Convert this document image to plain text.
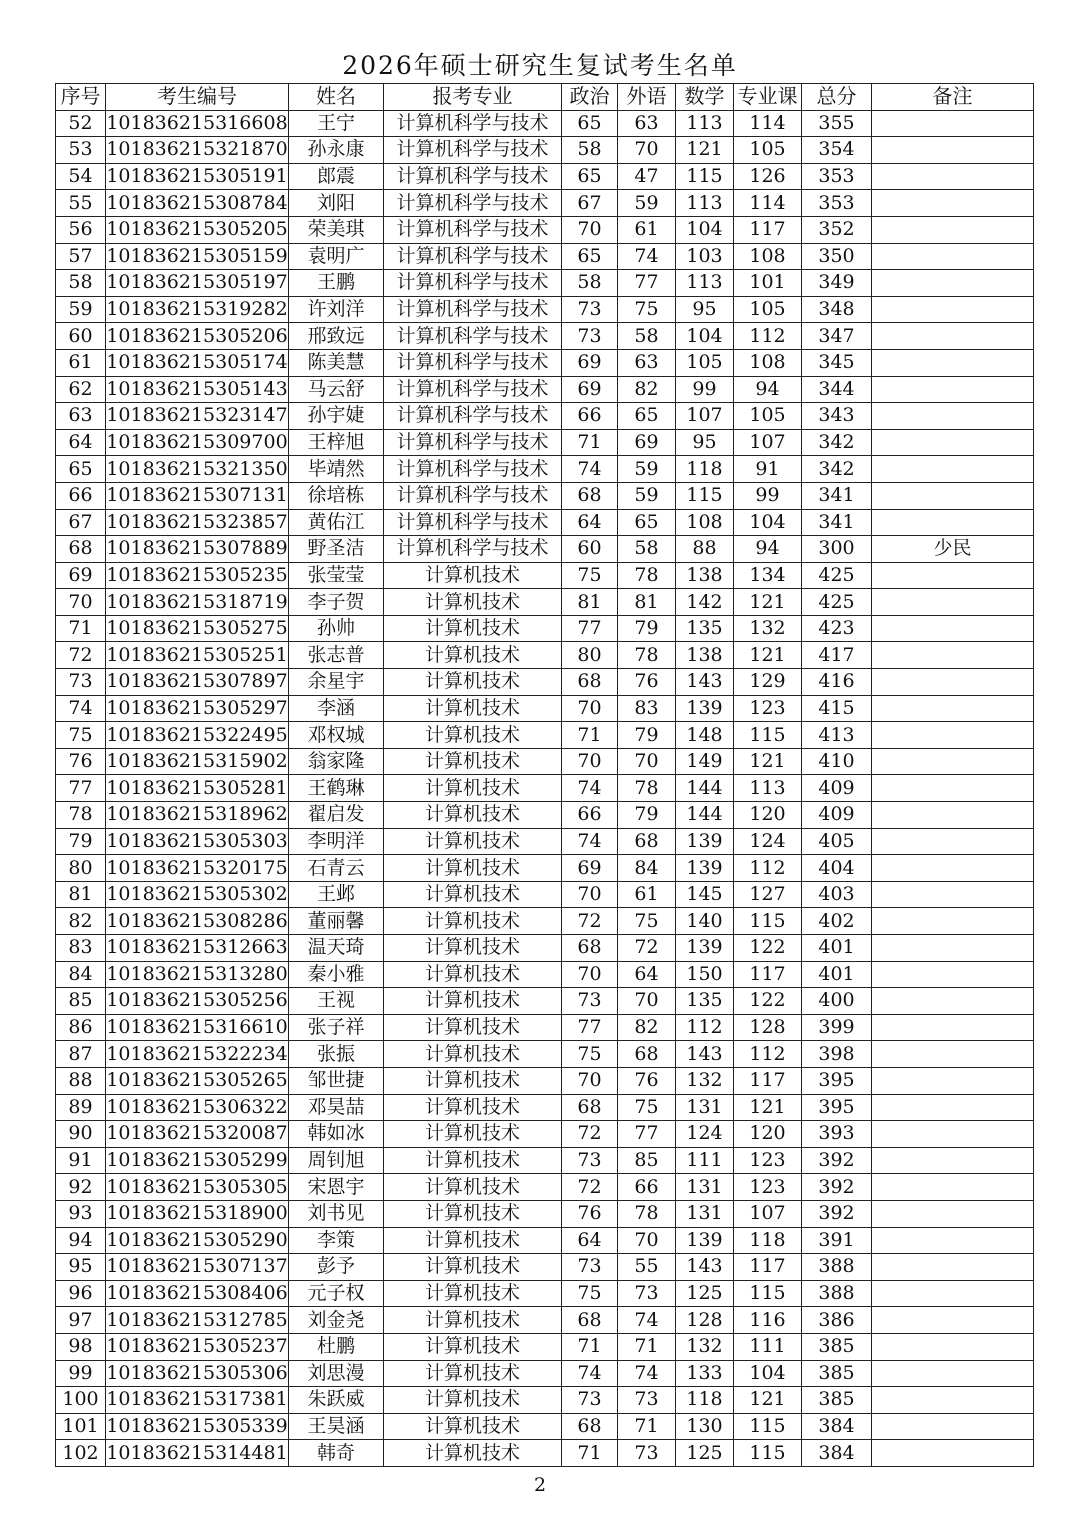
2026年硕士研究生复试考生名单
序号	考生编号	姓名	报考专业	政治	外语	数学	专业课	总分	备注
52	101836215316608	王宁	计算机科学与技术	65	63	113	114	355	
53	101836215321870	孙永康	计算机科学与技术	58	70	121	105	354	
54	101836215305191	郎震	计算机科学与技术	65	47	115	126	353	
55	101836215308784	刘阳	计算机科学与技术	67	59	113	114	353	
56	101836215305205	荣美琪	计算机科学与技术	70	61	104	117	352	
57	101836215305159	袁明广	计算机科学与技术	65	74	103	108	350	
58	101836215305197	王鹏	计算机科学与技术	58	77	113	101	349	
59	101836215319282	许刘洋	计算机科学与技术	73	75	95	105	348	
60	101836215305206	邢致远	计算机科学与技术	73	58	104	112	347	
61	101836215305174	陈美慧	计算机科学与技术	69	63	105	108	345	
62	101836215305143	马云舒	计算机科学与技术	69	82	99	94	344	
63	101836215323147	孙宇婕	计算机科学与技术	66	65	107	105	343	
64	101836215309700	王梓旭	计算机科学与技术	71	69	95	107	342	
65	101836215321350	毕靖然	计算机科学与技术	74	59	118	91	342	
66	101836215307131	徐培栋	计算机科学与技术	68	59	115	99	341	
67	101836215323857	黄佑江	计算机科学与技术	64	65	108	104	341	
68	101836215307889	野圣洁	计算机科学与技术	60	58	88	94	300	少民
69	101836215305235	张莹莹	计算机技术	75	78	138	134	425	
70	101836215318719	李子贺	计算机技术	81	81	142	121	425	
71	101836215305275	孙帅	计算机技术	77	79	135	132	423	
72	101836215305251	张志普	计算机技术	80	78	138	121	417	
73	101836215307897	余星宇	计算机技术	68	76	143	129	416	
74	101836215305297	李涵	计算机技术	70	83	139	123	415	
75	101836215322495	邓权城	计算机技术	71	79	148	115	413	
76	101836215315902	翁家隆	计算机技术	70	70	149	121	410	
77	101836215305281	王鹤琳	计算机技术	74	78	144	113	409	
78	101836215318962	翟启发	计算机技术	66	79	144	120	409	
79	101836215305303	李明洋	计算机技术	74	68	139	124	405	
80	101836215320175	石青云	计算机技术	69	84	139	112	404	
81	101836215305302	王邺	计算机技术	70	61	145	127	403	
82	101836215308286	董丽馨	计算机技术	72	75	140	115	402	
83	101836215312663	温天琦	计算机技术	68	72	139	122	401	
84	101836215313280	秦小雅	计算机技术	70	64	150	117	401	
85	101836215305256	王视	计算机技术	73	70	135	122	400	
86	101836215316610	张子祥	计算机技术	77	82	112	128	399	
87	101836215322234	张振	计算机技术	75	68	143	112	398	
88	101836215305265	邹世捷	计算机技术	70	76	132	117	395	
89	101836215306322	邓昊喆	计算机技术	68	75	131	121	395	
90	101836215320087	韩如冰	计算机技术	72	77	124	120	393	
91	101836215305299	周钊旭	计算机技术	73	85	111	123	392	
92	101836215305305	宋恩宇	计算机技术	72	66	131	123	392	
93	101836215318900	刘书见	计算机技术	76	78	131	107	392	
94	101836215305290	李策	计算机技术	64	70	139	118	391	
95	101836215307137	彭予	计算机技术	73	55	143	117	388	
96	101836215308406	元子权	计算机技术	75	73	125	115	388	
97	101836215312785	刘金尧	计算机技术	68	74	128	116	386	
98	101836215305237	杜鹏	计算机技术	71	71	132	111	385	
99	101836215305306	刘思漫	计算机技术	74	74	133	104	385	
100	101836215317381	朱跃威	计算机技术	73	73	118	121	385	
101	101836215305339	王昊涵	计算机技术	68	71	130	115	384	
102	101836215314481	韩奇	计算机技术	71	73	125	115	384	
2
